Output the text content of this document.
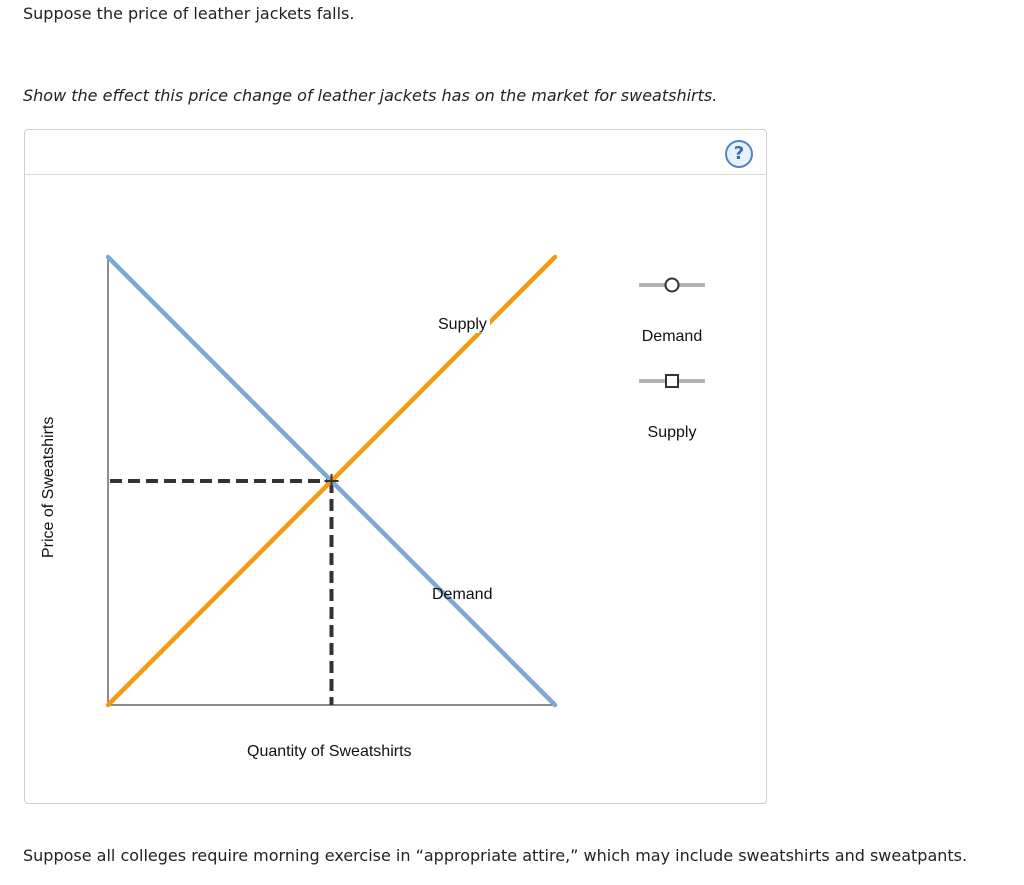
Suppose the price of leather jackets falls.

Show the effect this price change of leather jackets has on the market for sweatshirts.

?
Supply
Demand
Quantity of Sweatshirts
Price of Sweatshirts
Demand
Supply

Suppose all colleges require morning exercise in “appropriate attire,” which may include sweatshirts and sweatpants.
